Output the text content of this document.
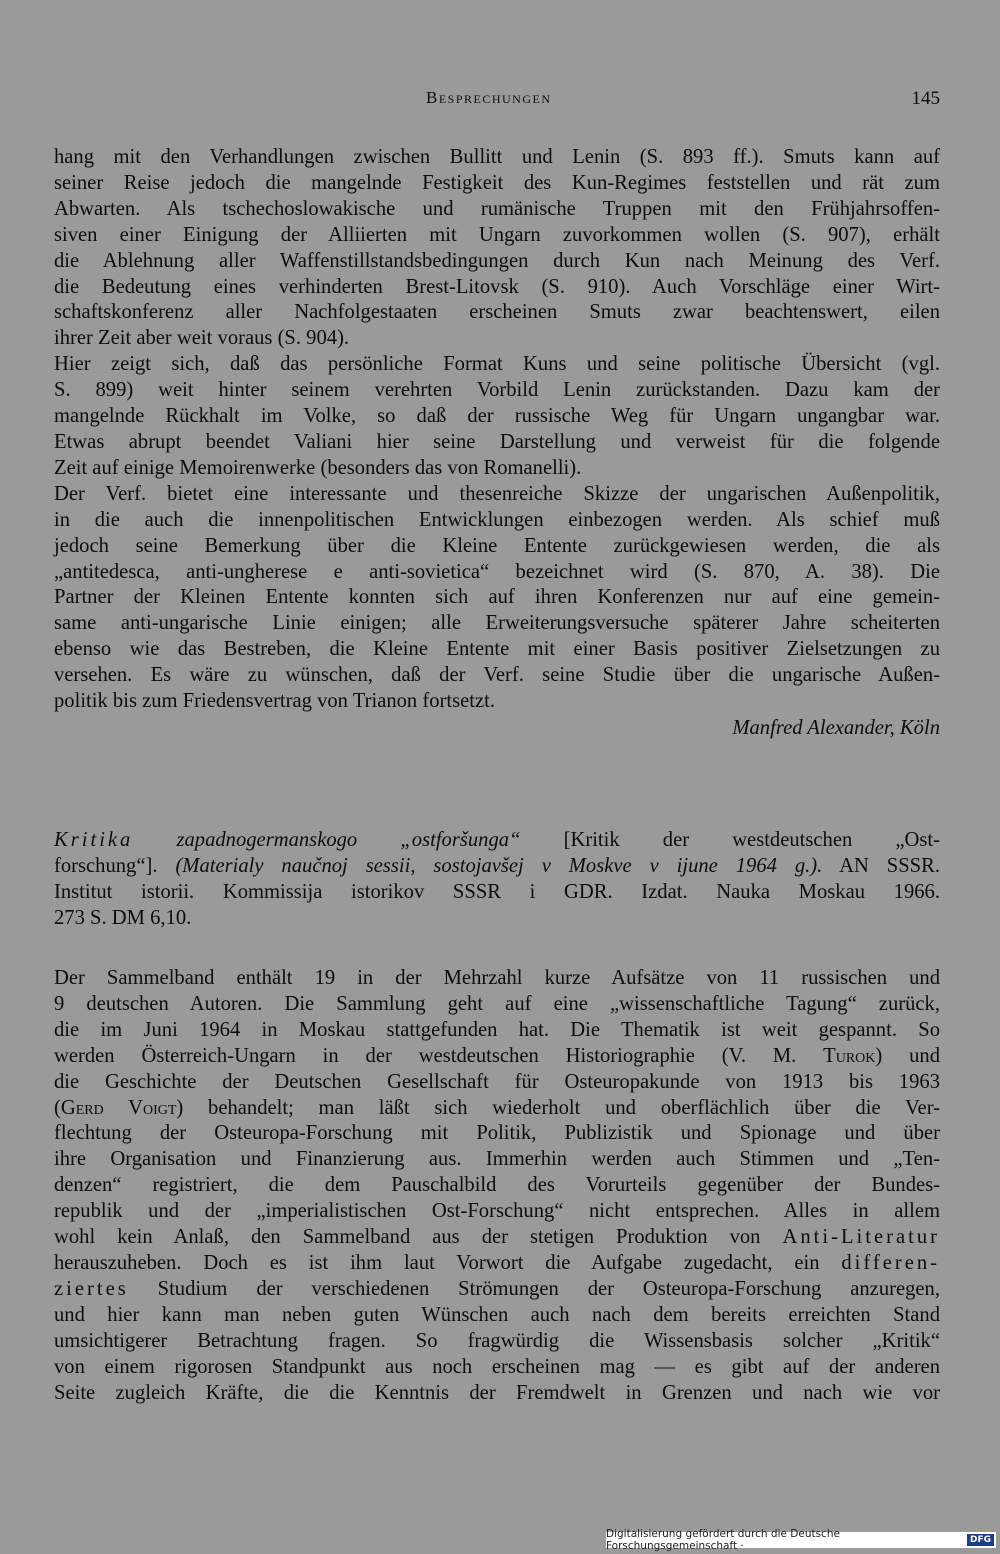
Besprechungen	145
hang mit den Verhandlungen zwischen Bullitt und Lenin (S. 893 ff.). Smuts kann auf
seiner Reise jedoch die mangelnde Festigkeit des Kun-Regimes feststellen und rät zum
Abwarten. Als tschechoslowakische und rumänische Truppen mit den Frühjahrsoffen-
siven einer Einigung der Alliierten mit Ungarn zuvorkommen wollen (S. 907), erhält
die Ablehnung aller Waffenstillstandsbedingungen durch Kun nach Meinung des Verf.
die Bedeutung eines verhinderten Brest-Litovsk (S. 910). Auch Vorschläge einer Wirt-
schaftskonferenz aller Nachfolgestaaten erscheinen Smuts zwar beachtenswert, eilen
ihrer Zeit aber weit voraus (S. 904).
Hier zeigt sich, daß das persönliche Format Kuns und seine politische Übersicht (vgl.
S. 899) weit hinter seinem verehrten Vorbild Lenin zurückstanden. Dazu kam der
mangelnde Rückhalt im Volke, so daß der russische Weg für Ungarn ungangbar war.
Etwas abrupt beendet Valiani hier seine Darstellung und verweist für die folgende
Zeit auf einige Memoirenwerke (besonders das von Romanelli).
Der Verf. bietet eine interessante und thesenreiche Skizze der ungarischen Außenpolitik,
in die auch die innenpolitischen Entwicklungen einbezogen werden. Als schief muß
jedoch seine Bemerkung über die Kleine Entente zurückgewiesen werden, die als
„antitedesca, anti-ungherese e anti-sovietica“ bezeichnet wird (S. 870, A. 38). Die
Partner der Kleinen Entente konnten sich auf ihren Konferenzen nur auf eine gemein-
same anti-ungarische Linie einigen; alle Erweiterungsversuche späterer Jahre scheiterten
ebenso wie das Bestreben, die Kleine Entente mit einer Basis positiver Zielsetzungen zu
versehen. Es wäre zu wünschen, daß der Verf. seine Studie über die ungarische Außen-
politik bis zum Friedensvertrag von Trianon fortsetzt.
Manfred Alexander, Köln
Kritika zapadnogermanskogo „ostforšunga“ [Kritik der westdeutschen „Ost-
forschung“]. (Materialy naučnoj sessii, sostojavšej v Moskve v ijune 1964 g.). AN SSSR.
Institut istorii. Kommissija istorikov SSSR i GDR. Izdat. Nauka Moskau 1966.
273 S. DM 6,10.
Der Sammelband enthält 19 in der Mehrzahl kurze Aufsätze von 11 russischen und
9 deutschen Autoren. Die Sammlung geht auf eine „wissenschaftliche Tagung“ zurück,
die im Juni 1964 in Moskau stattgefunden hat. Die Thematik ist weit gespannt. So
werden Österreich-Ungarn in der westdeutschen Historiographie (V. M. Turok) und
die Geschichte der Deutschen Gesellschaft für Osteuropakunde von 1913 bis 1963
(Gerd Voigt) behandelt; man läßt sich wiederholt und oberflächlich über die Ver-
flechtung der Osteuropa-Forschung mit Politik, Publizistik und Spionage und über
ihre Organisation und Finanzierung aus. Immerhin werden auch Stimmen und „Ten-
denzen“ registriert, die dem Pauschalbild des Vorurteils gegenüber der Bundes-
republik und der „imperialistischen Ost-Forschung“ nicht entsprechen. Alles in allem
wohl kein Anlaß, den Sammelband aus der stetigen Produktion von Anti-Literatur
herauszuheben. Doch es ist ihm laut Vorwort die Aufgabe zugedacht, ein differen-
ziertes Studium der verschiedenen Strömungen der Osteuropa-Forschung anzuregen,
und hier kann man neben guten Wünschen auch nach dem bereits erreichten Stand
umsichtigerer Betrachtung fragen. So fragwürdig die Wissensbasis solcher „Kritik“
von einem rigorosen Standpunkt aus noch erscheinen mag — es gibt auf der anderen
Seite zugleich Kräfte, die die Kenntnis der Fremdwelt in Grenzen und nach wie vor
Digitalisierung gefördert durch die Deutsche Forschungsgemeinschaft ·	DFG
